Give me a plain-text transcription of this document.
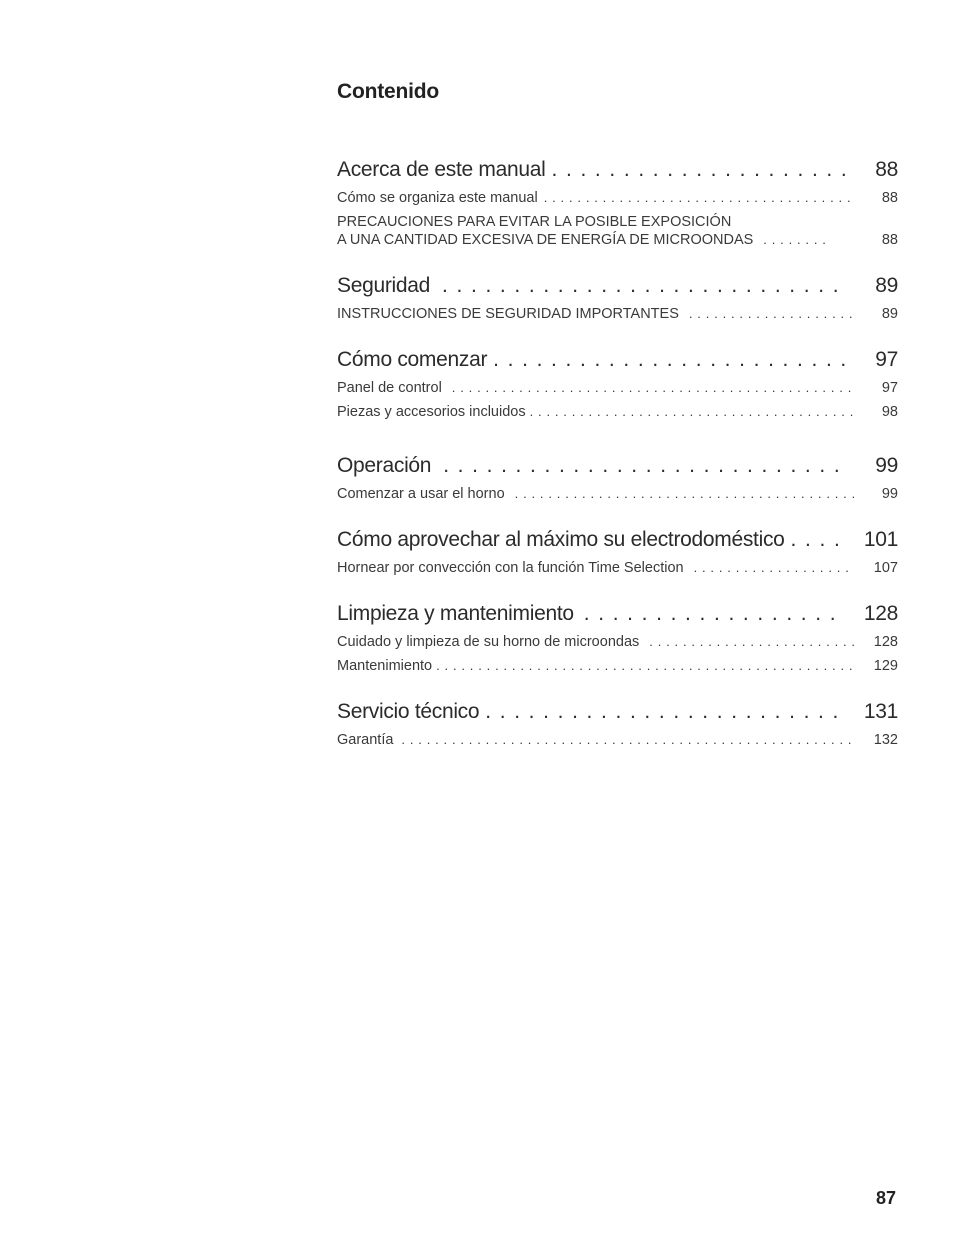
Contenido
Acerca de este manual . . .	88
Cómo se organiza este manual . . .	88
PRECAUCIONES PARA EVITAR LA POSIBLE EXPOSICIÓN
A UNA CANTIDAD EXCESIVA DE ENERGÍA DE MICROONDAS . . .	88
Seguridad . . .	89
INSTRUCCIONES DE SEGURIDAD IMPORTANTES . . .	89
Cómo comenzar . . .	97
Panel de control . . .	97
Piezas y accesorios incluidos . . .	98
Operación . . .	99
Comenzar a usar el horno . . .	99
Cómo aprovechar al máximo su electrodoméstico . . .	101
Hornear por convección con la función Time Selection . . .	107
Limpieza y mantenimiento . . .	128
Cuidado y limpieza de su horno de microondas . . .	128
Mantenimiento . . .	129
Servicio técnico . . .	131
Garantía . . .	132
87
